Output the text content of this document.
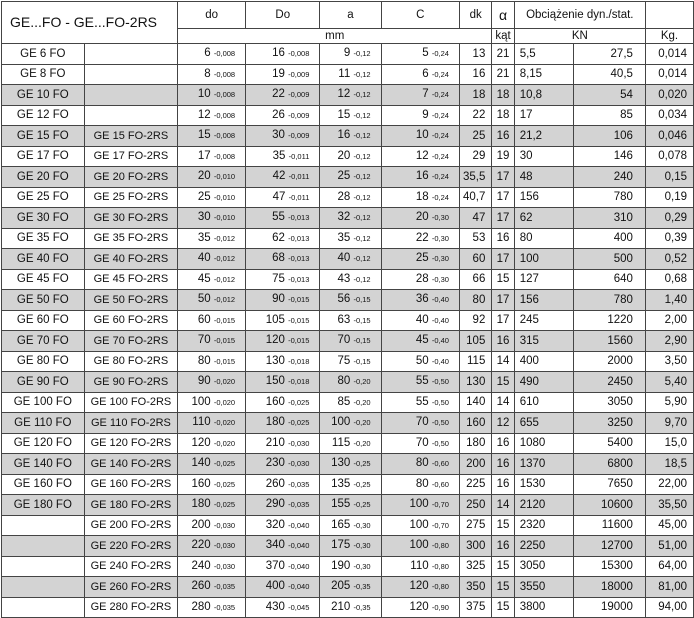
GE...FO - GE...FO-2RS		do	Do	a	C	dk	α	Obciążenie dyn./stat.		
		mm					kąt	KN		Kg.
GE 6 FO		6 -0,008	16 -0,008	9 -0,12	5 -0,24	13	21	5,5	27,5	0,014
GE 8 FO		8 -0,008	19 -0,009	11 -0,12	6 -0,24	16	21	8,15	40,5	0,014
GE 10 FO		10 -0,008	22 -0,009	12 -0,12	7 -0,24	18	18	10,8	54	0,020
GE 12 FO		12 -0,008	26 -0,009	15 -0,12	9 -0,24	22	18	17	85	0,034
GE 15 FO	GE 15 FO-2RS	15 -0,008	30 -0,009	16 -0,12	10 -0,24	25	16	21,2	106	0,046
GE 17 FO	GE 17 FO-2RS	17 -0,008	35 -0,011	20 -0,12	12 -0,24	29	19	30	146	0,078
GE 20 FO	GE 20 FO-2RS	20 -0,010	42 -0,011	25 -0,12	16 -0,24	35,5	17	48	240	0,15
GE 25 FO	GE 25 FO-2RS	25 -0,010	47 -0,011	28 -0,12	18 -0,24	40,7	17	156	780	0,19
GE 30 FO	GE 30 FO-2RS	30 -0,010	55 -0,013	32 -0,12	20 -0,30	47	17	62	310	0,29
GE 35 FO	GE 35 FO-2RS	35 -0,012	62 -0,013	35 -0,12	22 -0,30	53	16	80	400	0,39
GE 40 FO	GE 40 FO-2RS	40 -0,012	68 -0,013	40 -0,12	25 -0,30	60	17	100	500	0,52
GE 45 FO	GE 45 FO-2RS	45 -0,012	75 -0,013	43 -0,12	28 -0,30	66	15	127	640	0,68
GE 50 FO	GE 50 FO-2RS	50 -0,012	90 -0,015	56 -0,15	36 -0,40	80	17	156	780	1,40
GE 60 FO	GE 60 FO-2RS	60 -0,015	105 -0,015	63 -0,15	40 -0,40	92	17	245	1220	2,00
GE 70 FO	GE 70 FO-2RS	70 -0,015	120 -0,015	70 -0,15	45 -0,40	105	16	315	1560	2,90
GE 80 FO	GE 80 FO-2RS	80 -0,015	130 -0,018	75 -0,15	50 -0,40	115	14	400	2000	3,50
GE 90 FO	GE 90 FO-2RS	90 -0,020	150 -0,018	80 -0,20	55 -0,50	130	15	490	2450	5,40
GE 100 FO	GE 100 FO-2RS	100 -0,020	160 -0,025	85 -0,20	55 -0,50	140	14	610	3050	5,90
GE 110 FO	GE 110 FO-2RS	110 -0,020	180 -0,025	100 -0,20	70 -0,50	160	12	655	3250	9,70
GE 120 FO	GE 120 FO-2RS	120 -0,020	210 -0,030	115 -0,20	70 -0,50	180	16	1080	5400	15,0
GE 140 FO	GE 140 FO-2RS	140 -0,025	230 -0,030	130 -0,25	80 -0,60	200	16	1370	6800	18,5
GE 160 FO	GE 160 FO-2RS	160 -0,025	260 -0,035	135 -0,25	80 -0,60	225	16	1530	7650	22,00
GE 180 FO	GE 180 FO-2RS	180 -0,025	290 -0,035	155 -0,25	100 -0,70	250	14	2120	10600	35,50
	GE 200 FO-2RS	200 -0,030	320 -0,040	165 -0,30	100 -0,70	275	15	2320	11600	45,00
	GE 220 FO-2RS	220 -0,030	340 -0,040	175 -0,30	100 -0,80	300	16	2250	12700	51,00
	GE 240 FO-2RS	240 -0,030	370 -0,040	190 -0,30	110 -0,80	325	15	3050	15300	64,00
	GE 260 FO-2RS	260 -0,035	400 -0,040	205 -0,35	120 -0,80	350	15	3550	18000	81,00
	GE 280 FO-2RS	280 -0,035	430 -0,045	210 -0,35	120 -0,90	375	15	3800	19000	94,00
